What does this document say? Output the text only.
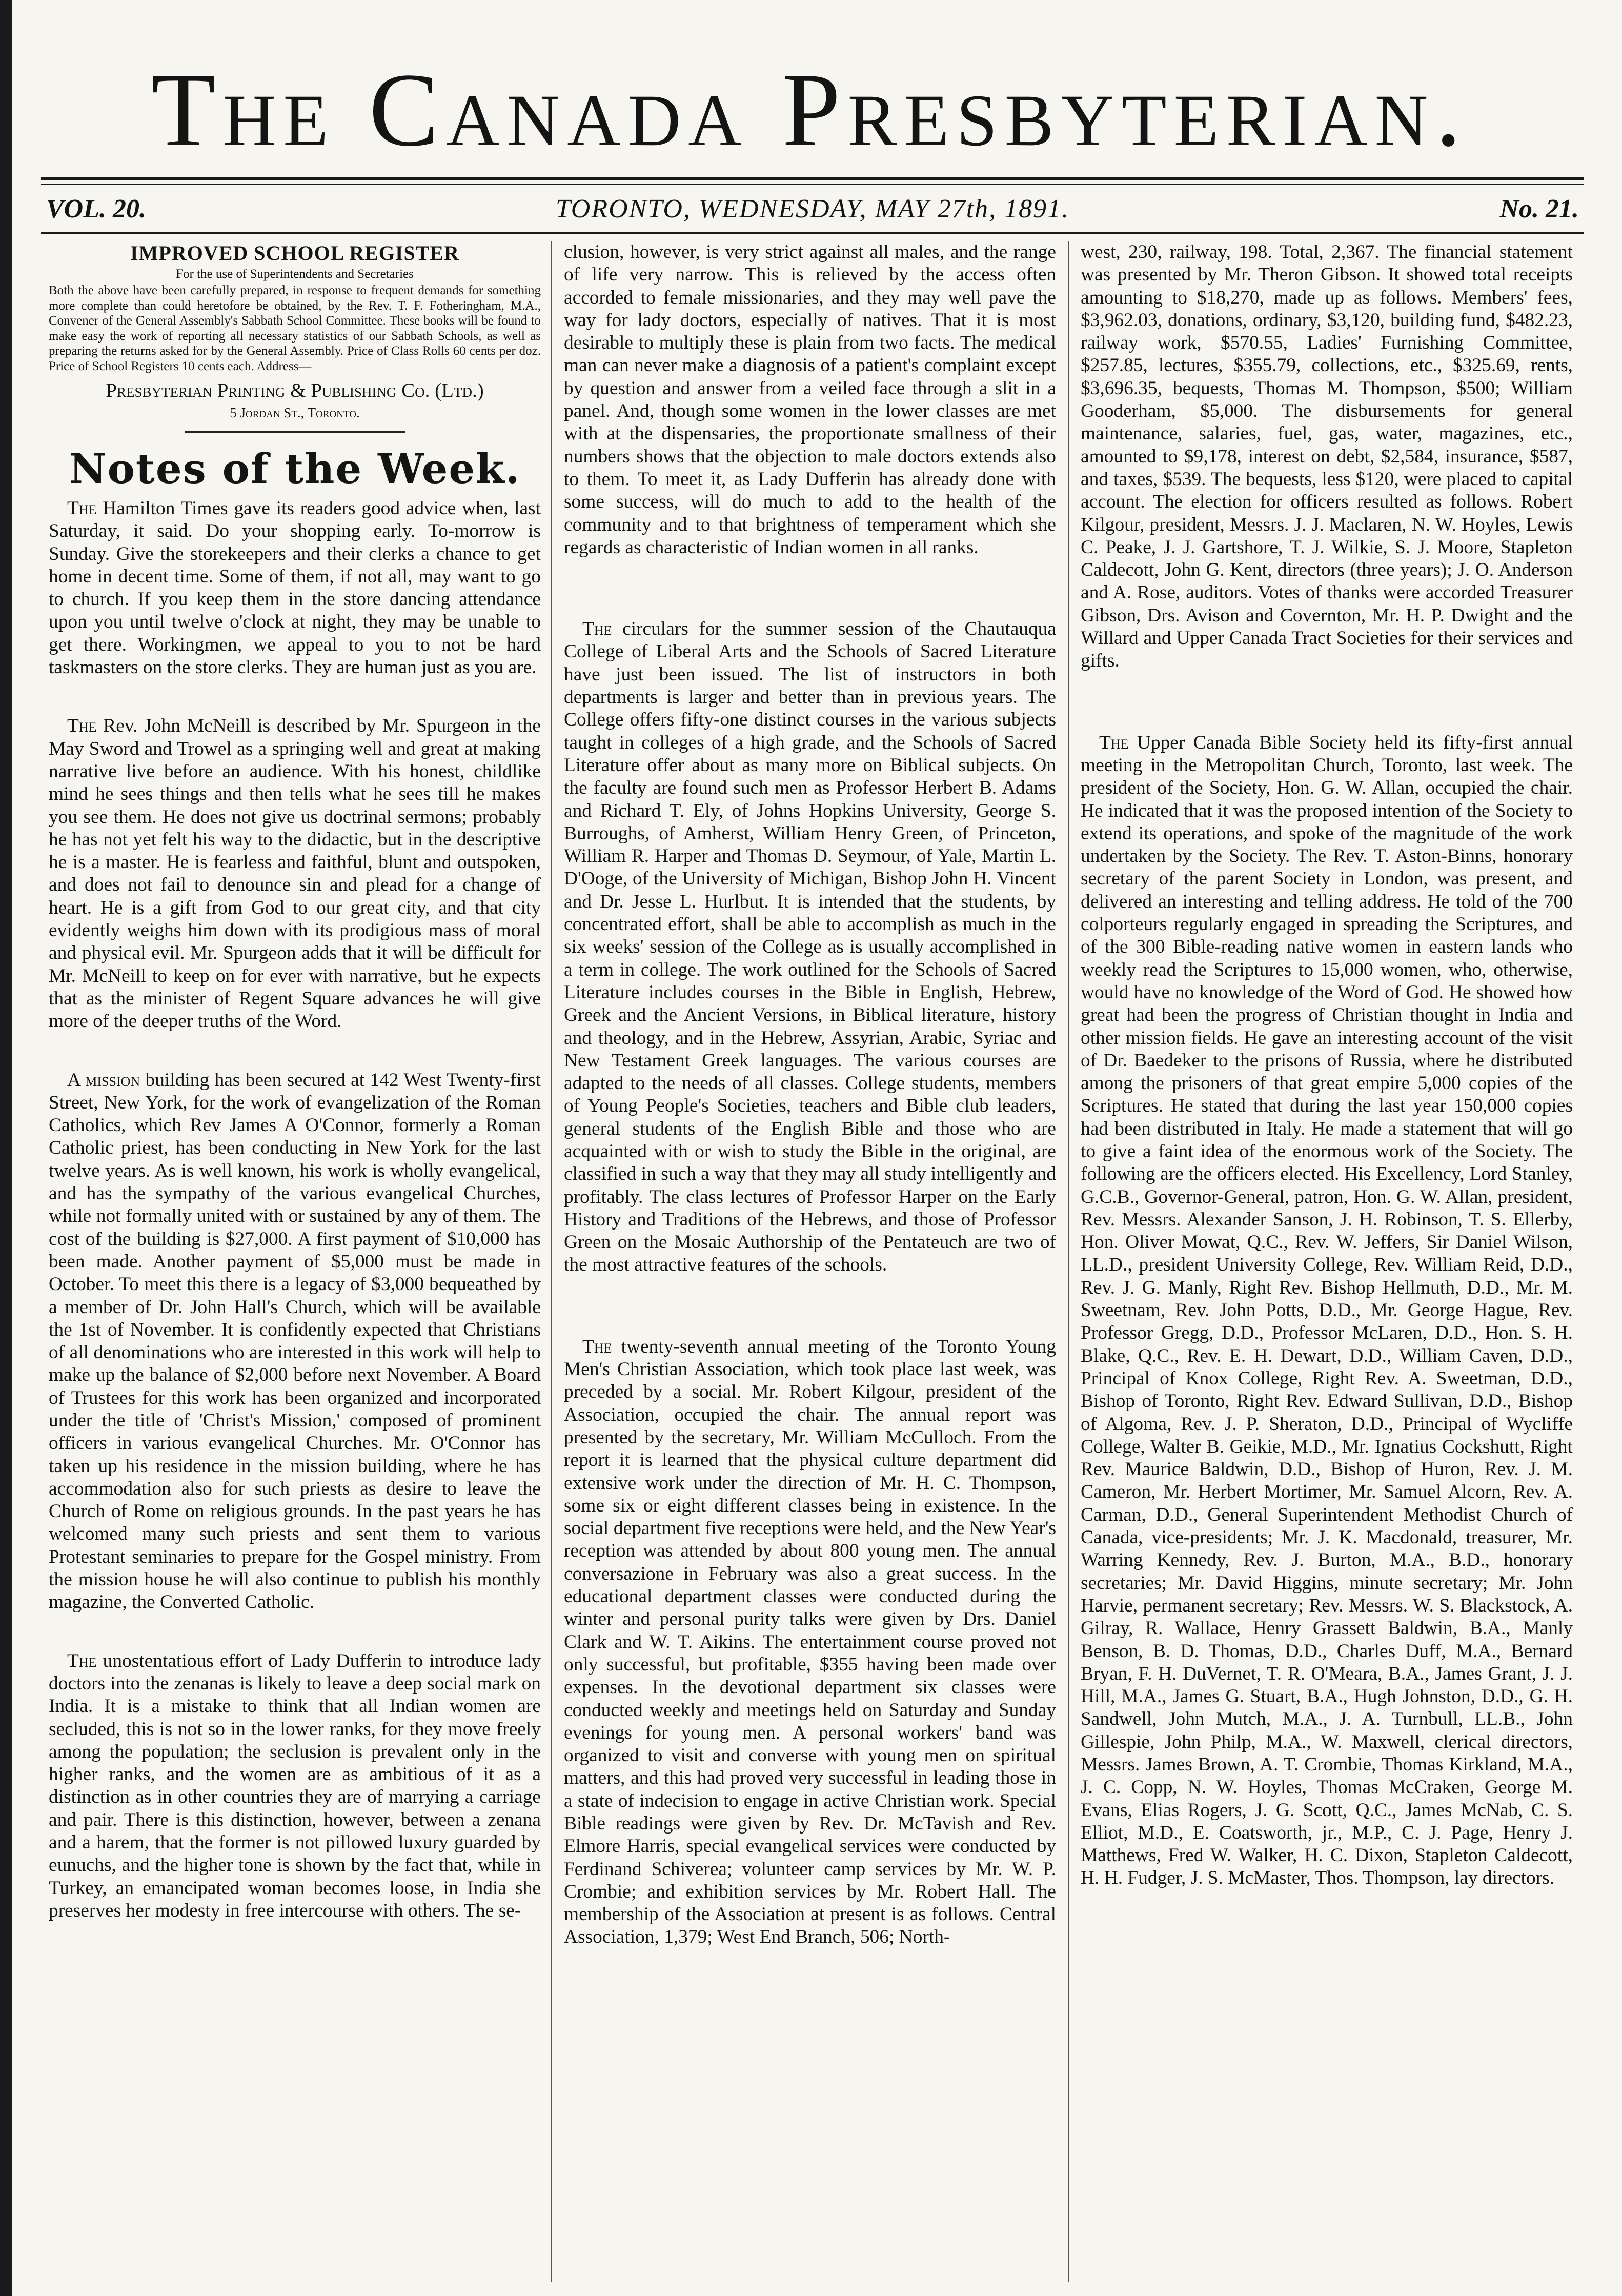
The Canada Presbyterian.
VOL. 20.	TORONTO, WEDNESDAY, MAY 27th, 1891.	No. 21.
IMPROVED SCHOOL REGISTER
For the use of Superintendents and Secretaries
Both the above have been carefully prepared, in response to frequent demands for something more complete than could heretofore be obtained, by the Rev. T. F. Fotheringham, M.A., Convener of the General Assembly's Sabbath School Committee. These books will be found to make easy the work of reporting all necessary statistics of our Sabbath Schools, as well as preparing the returns asked for by the General Assembly. Price of Class Rolls 60 cents per doz. Price of School Registers 10 cents each. Address—
Presbyterian Printing & Publishing Co. (Ltd.)
5 Jordan St., Toronto.
Notes of the Week.

The Hamilton Times gave its readers good advice when, last Saturday, it said. Do your shopping early. To-morrow is Sunday. Give the storekeepers and their clerks a chance to get home in decent time. Some of them, if not all, may want to go to church. If you keep them in the store dancing attendance upon you until twelve o'clock at night, they may be unable to get there. Workingmen, we appeal to you to not be hard taskmasters on the store clerks. They are human just as you are.

The Rev. John McNeill is described by Mr. Spurgeon in the May Sword and Trowel as a springing well and great at making narrative live before an audience. With his honest, childlike mind he sees things and then tells what he sees till he makes you see them. He does not give us doctrinal sermons; probably he has not yet felt his way to the didactic, but in the descriptive he is a master. He is fearless and faithful, blunt and outspoken, and does not fail to denounce sin and plead for a change of heart. He is a gift from God to our great city, and that city evidently weighs him down with its prodigious mass of moral and physical evil. Mr. Spurgeon adds that it will be difficult for Mr. McNeill to keep on for ever with narrative, but he expects that as the minister of Regent Square advances he will give more of the deeper truths of the Word.

A mission building has been secured at 142 West Twenty-first Street, New York, for the work of evangelization of the Roman Catholics, which Rev James A O'Connor, formerly a Roman Catholic priest, has been conducting in New York for the last twelve years. As is well known, his work is wholly evangelical, and has the sympathy of the various evangelical Churches, while not formally united with or sustained by any of them. The cost of the building is $27,000. A first payment of $10,000 has been made. Another payment of $5,000 must be made in October. To meet this there is a legacy of $3,000 bequeathed by a member of Dr. John Hall's Church, which will be available the 1st of November. It is confidently expected that Christians of all denominations who are interested in this work will help to make up the balance of $2,000 before next November. A Board of Trustees for this work has been organized and incorporated under the title of 'Christ's Mission,' composed of prominent officers in various evangelical Churches. Mr. O'Connor has taken up his residence in the mission building, where he has accommodation also for such priests as desire to leave the Church of Rome on religious grounds. In the past years he has welcomed many such priests and sent them to various Protestant seminaries to prepare for the Gospel ministry. From the mission house he will also continue to publish his monthly magazine, the Converted Catholic.

The unostentatious effort of Lady Dufferin to introduce lady doctors into the zenanas is likely to leave a deep social mark on India. It is a mistake to think that all Indian women are secluded, this is not so in the lower ranks, for they move freely among the population; the seclusion is prevalent only in the higher ranks, and the women are as ambitious of it as a distinction as in other countries they are of marrying a carriage and pair. There is this distinction, however, between a zenana and a harem, that the former is not pillowed luxury guarded by eunuchs, and the higher tone is shown by the fact that, while in Turkey, an emancipated woman becomes loose, in India she preserves her modesty in free intercourse with others. The se-

clusion, however, is very strict against all males, and the range of life very narrow. This is relieved by the access often accorded to female missionaries, and they may well pave the way for lady doctors, especially of natives. That it is most desirable to multiply these is plain from two facts. The medical man can never make a diagnosis of a patient's complaint except by question and answer from a veiled face through a slit in a panel. And, though some women in the lower classes are met with at the dispensaries, the proportionate smallness of their numbers shows that the objection to male doctors extends also to them. To meet it, as Lady Dufferin has already done with some success, will do much to add to the health of the community and to that brightness of temperament which she regards as characteristic of Indian women in all ranks.

The circulars for the summer session of the Chautauqua College of Liberal Arts and the Schools of Sacred Literature have just been issued. The list of instructors in both departments is larger and better than in previous years. The College offers fifty-one distinct courses in the various subjects taught in colleges of a high grade, and the Schools of Sacred Literature offer about as many more on Biblical subjects. On the faculty are found such men as Professor Herbert B. Adams and Richard T. Ely, of Johns Hopkins University, George S. Burroughs, of Amherst, William Henry Green, of Princeton, William R. Harper and Thomas D. Seymour, of Yale, Martin L. D'Ooge, of the University of Michigan, Bishop John H. Vincent and Dr. Jesse L. Hurlbut. It is intended that the students, by concentrated effort, shall be able to accomplish as much in the six weeks' session of the College as is usually accomplished in a term in college. The work outlined for the Schools of Sacred Literature includes courses in the Bible in English, Hebrew, Greek and the Ancient Versions, in Biblical literature, history and theology, and in the Hebrew, Assyrian, Arabic, Syriac and New Testament Greek languages. The various courses are adapted to the needs of all classes. College students, members of Young People's Societies, teachers and Bible club leaders, general students of the English Bible and those who are acquainted with or wish to study the Bible in the original, are classified in such a way that they may all study intelligently and profitably. The class lectures of Professor Harper on the Early History and Traditions of the Hebrews, and those of Professor Green on the Mosaic Authorship of the Pentateuch are two of the most attractive features of the schools.

The twenty-seventh annual meeting of the Toronto Young Men's Christian Association, which took place last week, was preceded by a social. Mr. Robert Kilgour, president of the Association, occupied the chair. The annual report was presented by the secretary, Mr. William McCulloch. From the report it is learned that the physical culture department did extensive work under the direction of Mr. H. C. Thompson, some six or eight different classes being in existence. In the social department five receptions were held, and the New Year's reception was attended by about 800 young men. The annual conversazione in February was also a great success. In the educational department classes were conducted during the winter and personal purity talks were given by Drs. Daniel Clark and W. T. Aikins. The entertainment course proved not only successful, but profitable, $355 having been made over expenses. In the devotional department six classes were conducted weekly and meetings held on Saturday and Sunday evenings for young men. A personal workers' band was organized to visit and converse with young men on spiritual matters, and this had proved very successful in leading those in a state of indecision to engage in active Christian work. Special Bible readings were given by Rev. Dr. McTavish and Rev. Elmore Harris, special evangelical services were conducted by Ferdinand Schiverea; volunteer camp services by Mr. W. P. Crombie; and exhibition services by Mr. Robert Hall. The membership of the Association at present is as follows. Central Association, 1,379; West End Branch, 506; North-

west, 230, railway, 198. Total, 2,367. The financial statement was presented by Mr. Theron Gibson. It showed total receipts amounting to $18,270, made up as follows. Members' fees, $3,962.03, donations, ordinary, $3,120, building fund, $482.23, railway work, $570.55, Ladies' Furnishing Committee, $257.85, lectures, $355.79, collections, etc., $325.69, rents, $3,696.35, bequests, Thomas M. Thompson, $500; William Gooderham, $5,000. The disbursements for general maintenance, salaries, fuel, gas, water, magazines, etc., amounted to $9,178, interest on debt, $2,584, insurance, $587, and taxes, $539. The bequests, less $120, were placed to capital account. The election for officers resulted as follows. Robert Kilgour, president, Messrs. J. J. Maclaren, N. W. Hoyles, Lewis C. Peake, J. J. Gartshore, T. J. Wilkie, S. J. Moore, Stapleton Caldecott, John G. Kent, directors (three years); J. O. Anderson and A. Rose, auditors. Votes of thanks were accorded Treasurer Gibson, Drs. Avison and Covernton, Mr. H. P. Dwight and the Willard and Upper Canada Tract Societies for their services and gifts.

The Upper Canada Bible Society held its fifty-first annual meeting in the Metropolitan Church, Toronto, last week. The president of the Society, Hon. G. W. Allan, occupied the chair. He indicated that it was the proposed intention of the Society to extend its operations, and spoke of the magnitude of the work undertaken by the Society. The Rev. T. Aston-Binns, honorary secretary of the parent Society in London, was present, and delivered an interesting and telling address. He told of the 700 colporteurs regularly engaged in spreading the Scriptures, and of the 300 Bible-reading native women in eastern lands who weekly read the Scriptures to 15,000 women, who, otherwise, would have no knowledge of the Word of God. He showed how great had been the progress of Christian thought in India and other mission fields. He gave an interesting account of the visit of Dr. Baedeker to the prisons of Russia, where he distributed among the prisoners of that great empire 5,000 copies of the Scriptures. He stated that during the last year 150,000 copies had been distributed in Italy. He made a statement that will go to give a faint idea of the enormous work of the Society. The following are the officers elected. His Excellency, Lord Stanley, G.C.B., Governor-General, patron, Hon. G. W. Allan, president, Rev. Messrs. Alexander Sanson, J. H. Robinson, T. S. Ellerby, Hon. Oliver Mowat, Q.C., Rev. W. Jeffers, Sir Daniel Wilson, LL.D., president University College, Rev. William Reid, D.D., Rev. J. G. Manly, Right Rev. Bishop Hellmuth, D.D., Mr. M. Sweetnam, Rev. John Potts, D.D., Mr. George Hague, Rev. Professor Gregg, D.D., Professor McLaren, D.D., Hon. S. H. Blake, Q.C., Rev. E. H. Dewart, D.D., William Caven, D.D., Principal of Knox College, Right Rev. A. Sweetman, D.D., Bishop of Toronto, Right Rev. Edward Sullivan, D.D., Bishop of Algoma, Rev. J. P. Sheraton, D.D., Principal of Wycliffe College, Walter B. Geikie, M.D., Mr. Ignatius Cockshutt, Right Rev. Maurice Baldwin, D.D., Bishop of Huron, Rev. J. M. Cameron, Mr. Herbert Mortimer, Mr. Samuel Alcorn, Rev. A. Carman, D.D., General Superintendent Methodist Church of Canada, vice-presidents; Mr. J. K. Macdonald, treasurer, Mr. Warring Kennedy, Rev. J. Burton, M.A., B.D., honorary secretaries; Mr. David Higgins, minute secretary; Mr. John Harvie, permanent secretary; Rev. Messrs. W. S. Blackstock, A. Gilray, R. Wallace, Henry Grassett Baldwin, B.A., Manly Benson, B. D. Thomas, D.D., Charles Duff, M.A., Bernard Bryan, F. H. DuVernet, T. R. O'Meara, B.A., James Grant, J. J. Hill, M.A., James G. Stuart, B.A., Hugh Johnston, D.D., G. H. Sandwell, John Mutch, M.A., J. A. Turnbull, LL.B., John Gillespie, John Philp, M.A., W. Maxwell, clerical directors, Messrs. James Brown, A. T. Crombie, Thomas Kirkland, M.A., J. C. Copp, N. W. Hoyles, Thomas McCraken, George M. Evans, Elias Rogers, J. G. Scott, Q.C., James McNab, C. S. Elliot, M.D., E. Coatsworth, jr., M.P., C. J. Page, Henry J. Matthews, Fred W. Walker, H. C. Dixon, Stapleton Caldecott, H. H. Fudger, J. S. McMaster, Thos. Thompson, lay directors.
